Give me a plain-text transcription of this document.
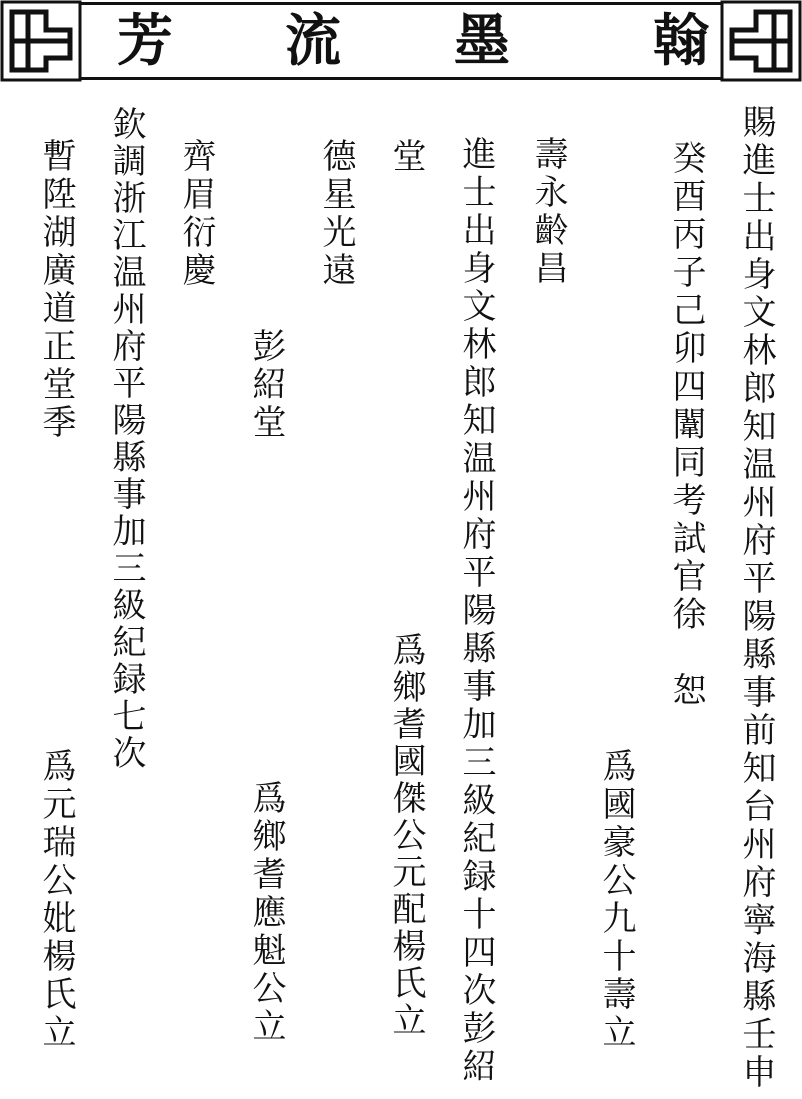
芳 流 墨	翰
賜進士出身文林郎知温州府平陽縣事前知台州府寧海縣壬申
癸酉丙子己卯四闈同考試官徐　恕
爲國豪公九十壽立
壽永齡昌
進士出身文林郎知温州府平陽縣事加三級紀録十四次彭紹
堂
爲鄉耆國傑公元配楊氏立
德星光遠
彭紹堂
爲鄉耆應魁公立
齊眉衍慶
欽調浙江温州府平陽縣事加三級紀録七次
暫陞湖廣道正堂季
爲元瑞公妣楊氏立
